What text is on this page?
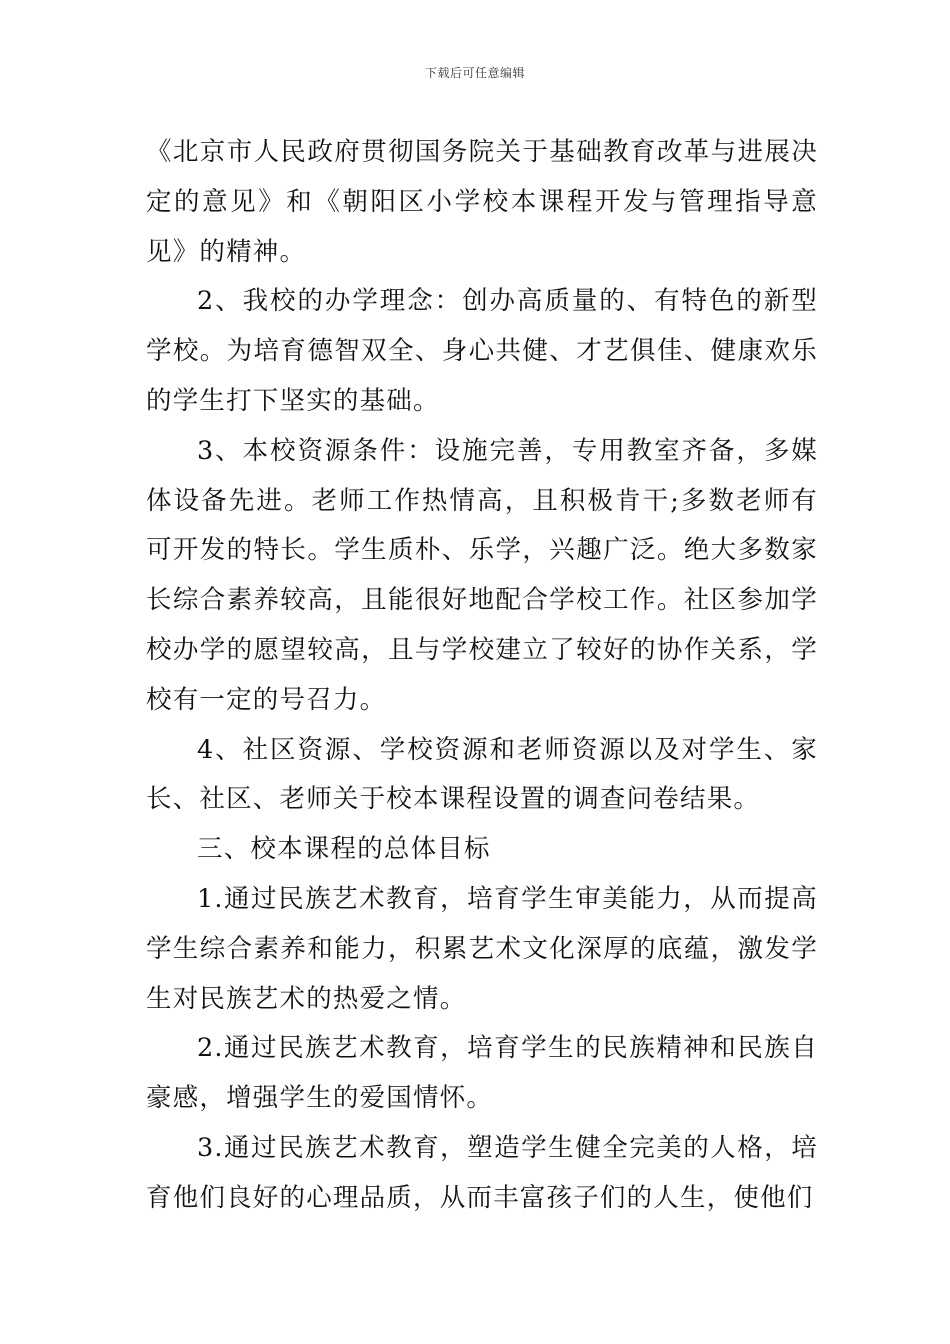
下载后可任意编辑

《北京市人民政府贯彻国务院关于基础教育改革与进展决定的意见》和《朝阳区小学校本课程开发与管理指导意见》的精神。

2、我校的办学理念：创办高质量的、有特色的新型学校。为培育德智双全、身心共健、才艺俱佳、健康欢乐的学生打下坚实的基础。

3、本校资源条件：设施完善，专用教室齐备，多媒体设备先进。老师工作热情高，且积极肯干;多数老师有可开发的特长。学生质朴、乐学，兴趣广泛。绝大多数家长综合素养较高，且能很好地配合学校工作。社区参加学校办学的愿望较高，且与学校建立了较好的协作关系，学校有一定的号召力。

4、社区资源、学校资源和老师资源以及对学生、家长、社区、老师关于校本课程设置的调查问卷结果。

三、校本课程的总体目标

1.通过民族艺术教育，培育学生审美能力，从而提高学生综合素养和能力，积累艺术文化深厚的底蕴，激发学生对民族艺术的热爱之情。

2.通过民族艺术教育，培育学生的民族精神和民族自豪感，增强学生的爱国情怀。

3.通过民族艺术教育，塑造学生健全完美的人格，培育他们良好的心理品质，从而丰富孩子们的人生，使他们
